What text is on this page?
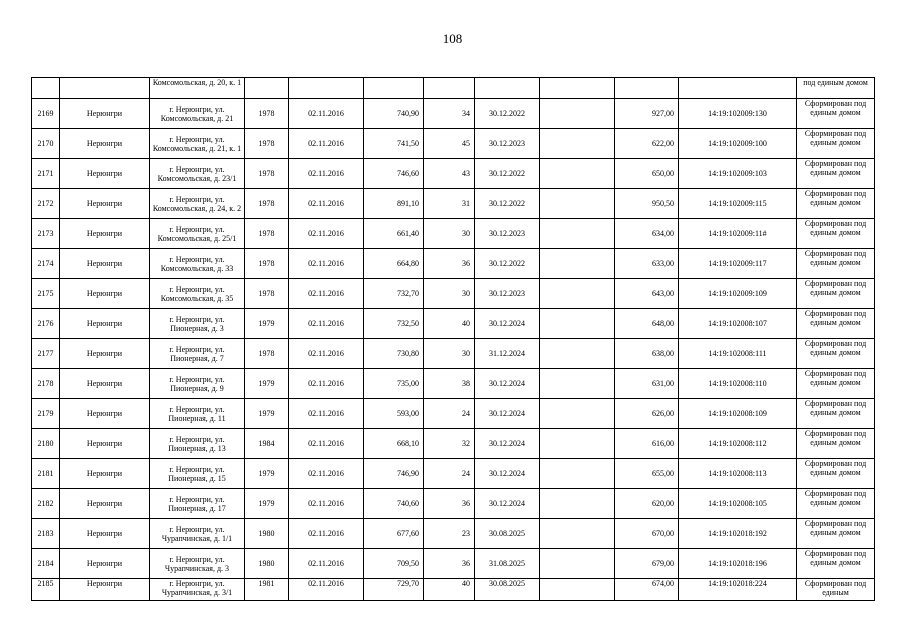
108
		Комсомольская, д. 20, к. 1									под единым домом
2169	Нерюнгри	г. Нерюнгри, ул. Комсомольская, д. 21	1978	02.11.2016	740,90	34	30.12.2022		927,00	14:19:102009:130	Сформирован под единым домом
2170	Нерюнгри	г. Нерюнгри, ул. Комсомольская, д. 21, к. 1	1978	02.11.2016	741,50	45	30.12.2023		622,00	14:19:102009:100	Сформирован под единым домом
2171	Нерюнгри	г. Нерюнгри, ул. Комсомольская, д. 23/1	1978	02.11.2016	746,60	43	30.12.2022		650,00	14:19:102009:103	Сформирован под единым домом
2172	Нерюнгри	г. Нерюнгри, ул. Комсомольская, д. 24, к. 2	1978	02.11.2016	891,10	31	30.12.2022		950,50	14:19:102009:115	Сформирован под единым домом
2173	Нерюнгри	г. Нерюнгри, ул. Комсомольская, д. 25/1	1978	02.11.2016	661,40	30	30.12.2023		634,00	14:19:102009:11#	Сформирован под единым домом
2174	Нерюнгри	г. Нерюнгри, ул. Комсомольская, д. 33	1978	02.11.2016	664,80	36	30.12.2022		633,00	14:19:102009:117	Сформирован под единым домом
2175	Нерюнгри	г. Нерюнгри, ул. Комсомольская, д. 35	1978	02.11.2016	732,70	30	30.12.2023		643,00	14:19:102009:109	Сформирован под единым домом
2176	Нерюнгри	г. Нерюнгри, ул. Пионерная, д. 3	1979	02.11.2016	732,50	40	30.12.2024		648,00	14:19:102008:107	Сформирован под единым домом
2177	Нерюнгри	г. Нерюнгри, ул. Пионерная, д. 7	1978	02.11.2016	730,80	30	31.12.2024		638,00	14:19:102008:111	Сформирован под единым домом
2178	Нерюнгри	г. Нерюнгри, ул. Пионерная, д. 9	1979	02.11.2016	735,00	38	30.12.2024		631,00	14:19:102008:110	Сформирован под единым домом
2179	Нерюнгри	г. Нерюнгри, ул. Пионерная, д. 11	1979	02.11.2016	593,00	24	30.12.2024		626,00	14:19:102008:109	Сформирован под единым домом
2180	Нерюнгри	г. Нерюнгри, ул. Пионерная, д. 13	1984	02.11.2016	668,10	32	30.12.2024		616,00	14:19:102008:112	Сформирован под единым домом
2181	Нерюнгри	г. Нерюнгри, ул. Пионерная, д. 15	1979	02.11.2016	746,90	24	30.12.2024		655,00	14:19:102008:113	Сформирован под единым домом
2182	Нерюнгри	г. Нерюнгри, ул. Пионерная, д. 17	1979	02.11.2016	740,60	36	30.12.2024		620,00	14:19:102008:105	Сформирован под единым домом
2183	Нерюнгри	г. Нерюнгри, ул. Чурапчинская, д. 1/1	1980	02.11.2016	677,60	23	30.08.2025		670,00	14:19:102018:192	Сформирован под единым домом
2184	Нерюнгри	г. Нерюнгри, ул. Чурапчинская, д. 3	1980	02.11.2016	709,50	36	31.08.2025		679,00	14:19:102018:196	Сформирован под единым домом
2185	Нерюнгри	г. Нерюнгри, ул. Чурапчинская, д. 3/1	1981	02.11.2016	729,70	40	30.08.2025		674,00	14:19:102018:224	Сформирован под единым
